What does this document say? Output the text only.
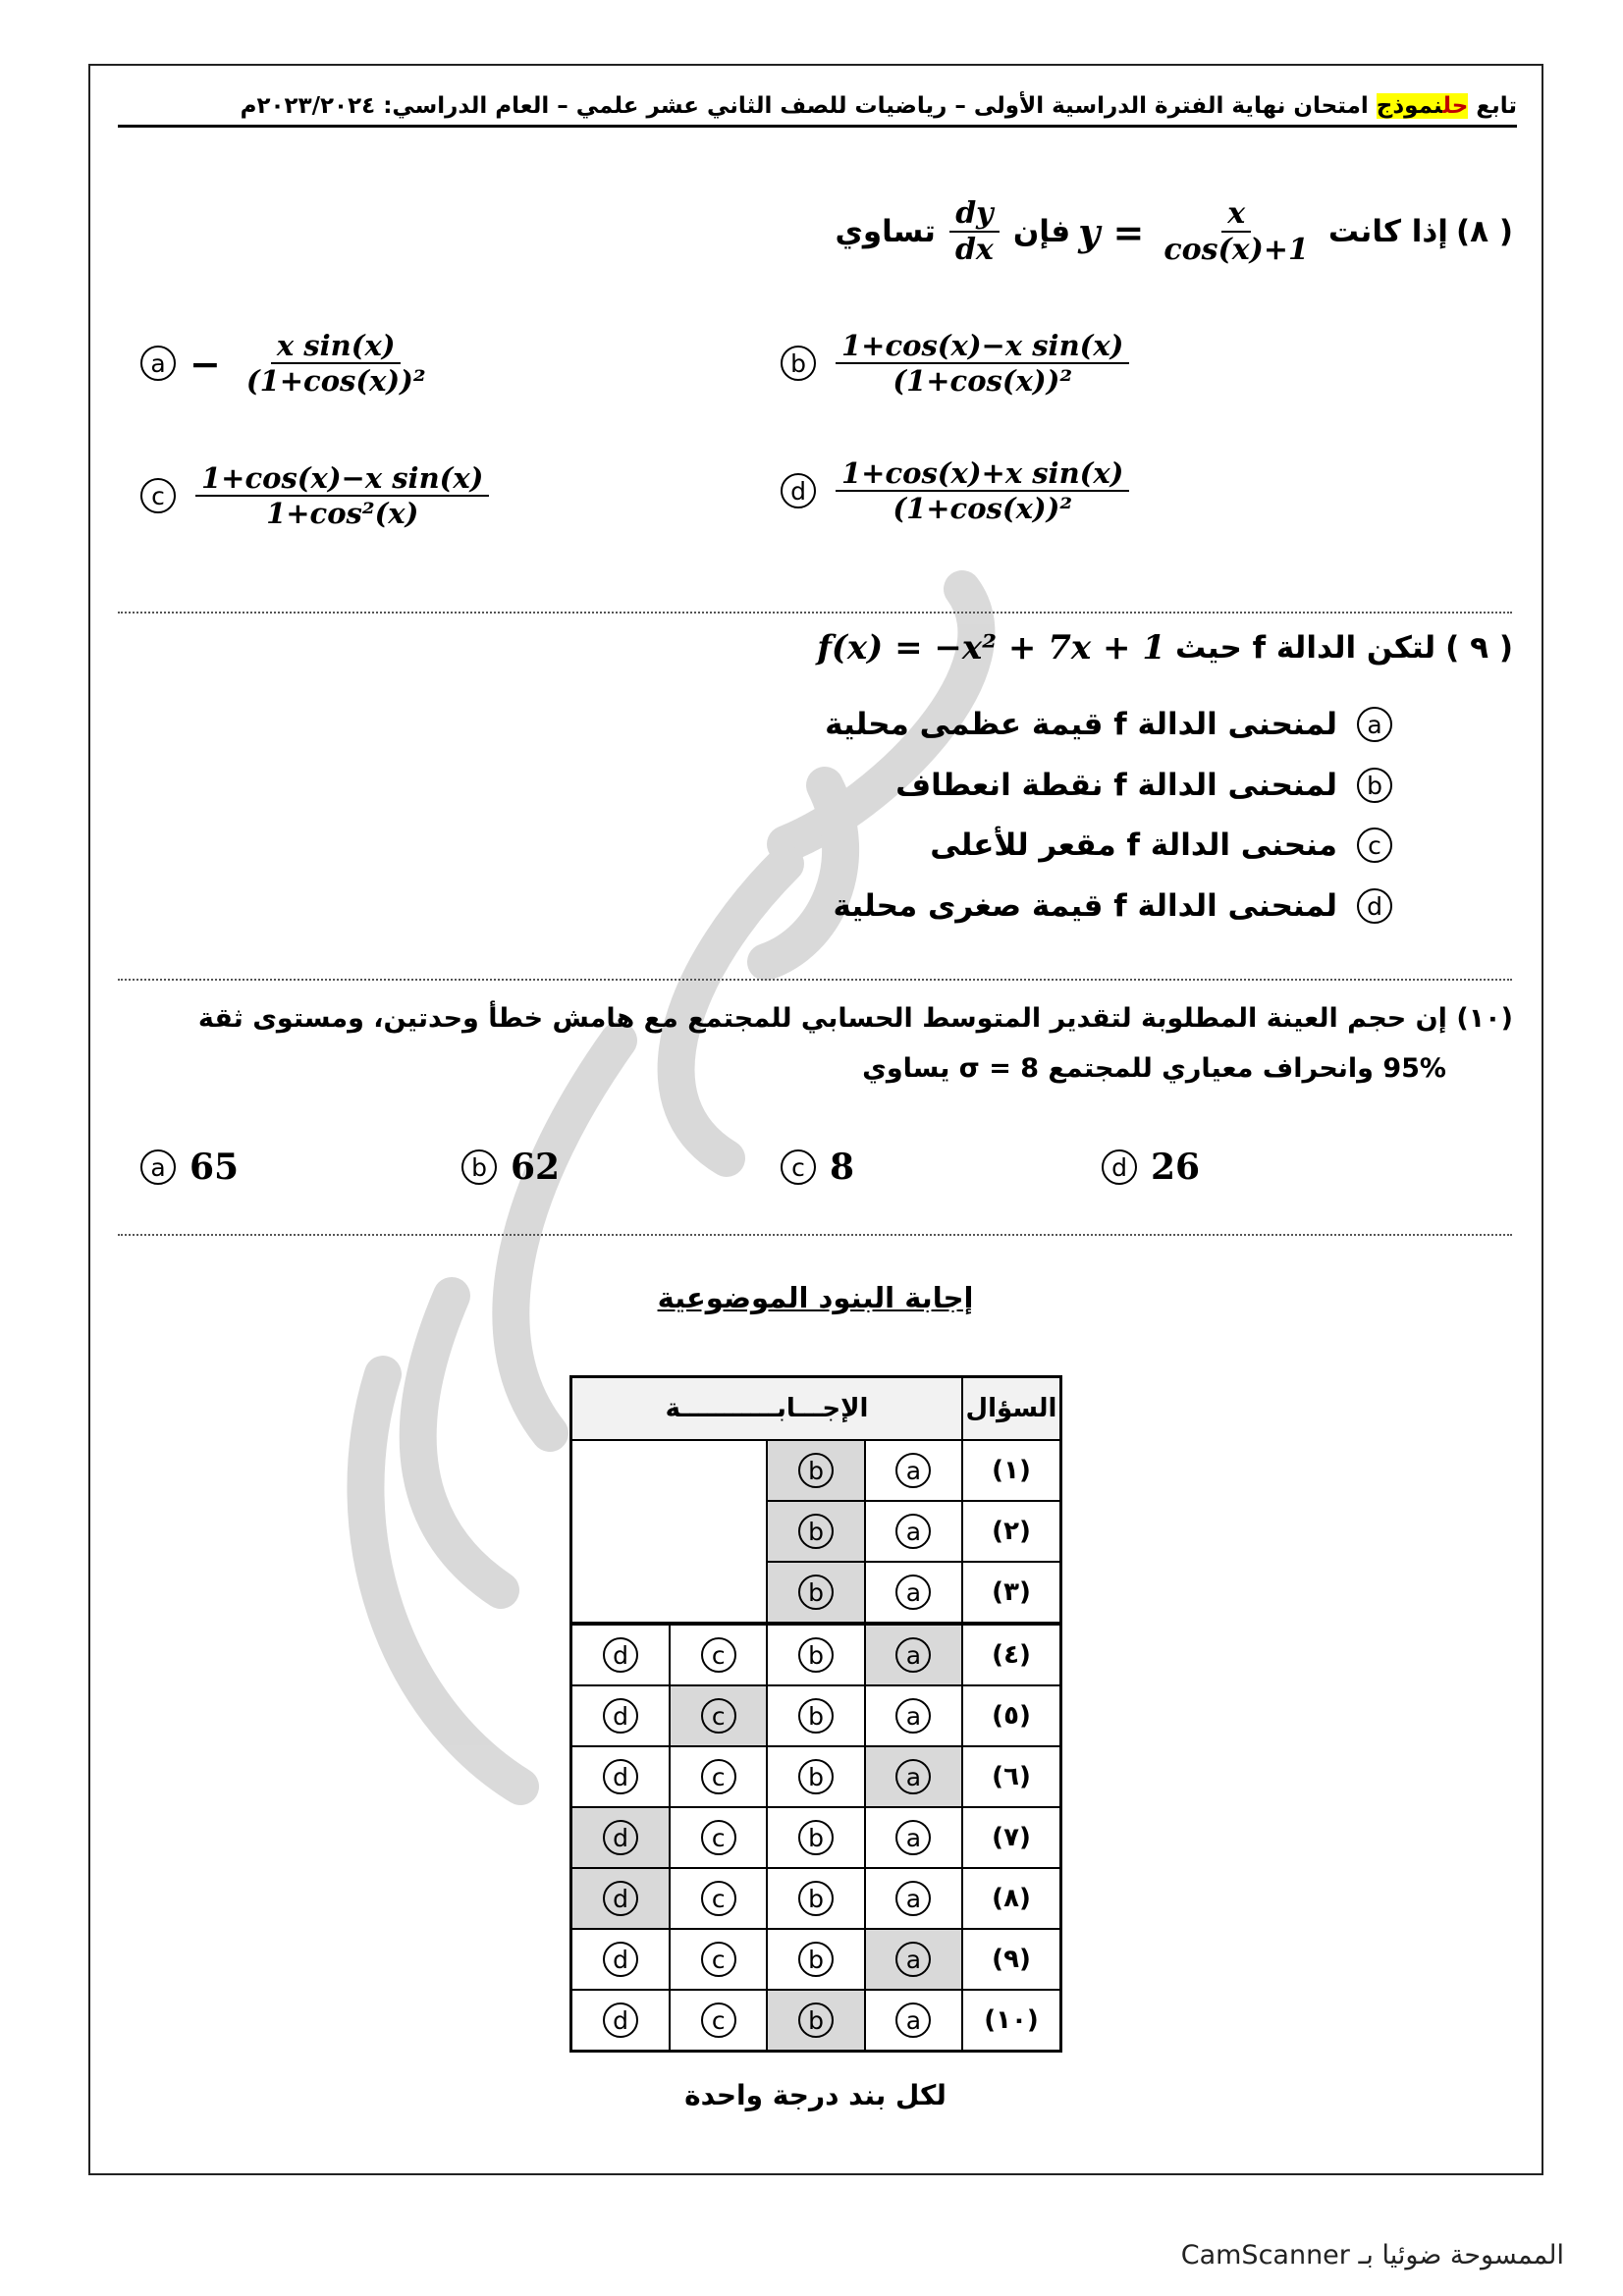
تابع حلنموذج امتحان نهاية الفترة الدراسية الأولى – رياضيات للصف الثاني عشر علمي – العام الدراسي: ٢٠٢٣/٢٠٢٤م
( ٨)
إذا كانت
$\frac{x}{1+\cos(x)}$
y =
فإن
$\frac{dy}{dx}$
تساوي
$a - \frac{\text{x sin(x)}}{\text{(1+cos(x))²}}$	b	$\frac{\text{1+cos(x)−x sin(x)}}{\text{(1+cos(x))²}}$
c	$\frac{\text{1+cos(x)−x sin(x)}}{\text{1+cos²(x)}}$	d	$\frac{\text{1+cos(x)+x sin(x)}}{\text{(1+cos(x))²}}$
( ٩ )
لتكن الدالة f حيث
f(x) = −x² + 7x + 1
a
لمنحنى الدالة f قيمة عظمى محلية
b
لمنحنى الدالة f نقطة انعطاف
c
منحنى الدالة f مقعر للأعلى
d
لمنحنى الدالة f قيمة صغرى محلية
(١٠) إن حجم العينة المطلوبة لتقدير المتوسط الحسابي للمجتمع مع هامش خطأ وحدتين، ومستوى ثقة
95% وانحراف معياري للمجتمع σ = 8 يساوي
a 65	b 62	c 8	d 26
إجابة البنود الموضوعية
السؤال	الإجـــابـــــــــــة			
(١)	a	b		
(٢)	a	b		
(٣)	a	b		
(٤)	a	b	c	d
(٥)	a	b	c	d
(٦)	a	b	c	d
(٧)	a	b	c	d
(٨)	a	b	c	d
(٩)	a	b	c	d
(١٠)	a	b	c	d
لكل بند درجة واحدة
الممسوحة ضوئيا بـ CamScanner
